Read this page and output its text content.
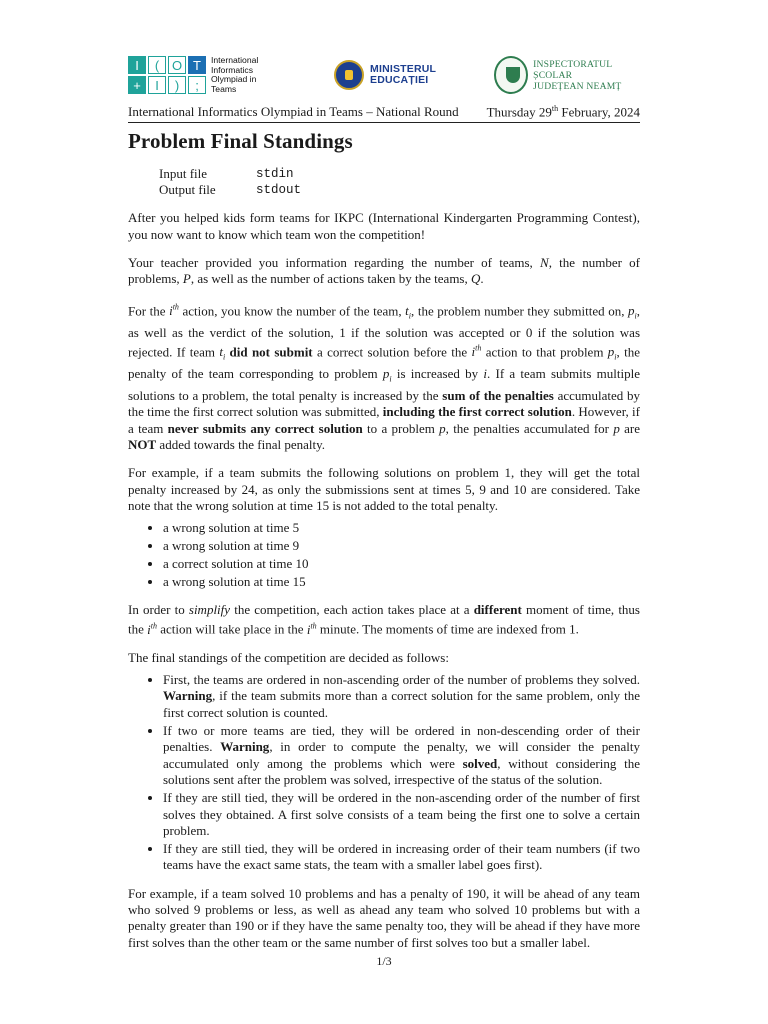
I	( O
+	I	)
T
;
International
Informatics
Olympiad in
Teams
MINISTERUL
EDUCAȚIEI
INSPECTORATUL ȘCOLAR
JUDEȚEAN NEAMȚ
International Informatics Olympiad in Teams – National Round Thursday 29th February, 2024
Problem Final Standings
Input file	stdin
Output file	stdout

After you helped kids form teams for IKPC (International Kindergarten Programming Contest), you now want to know which team won the competition!

Your teacher provided you information regarding the number of teams, N, the number of problems, P, as well as the number of actions taken by the teams, Q.

For the $i^{th}$ action, you know the number of the team, $t_i$, the problem number they submitted on, $p_i$, as well as the verdict of the solution, 1 if the solution was accepted or 0 if the solution was rejected. If team $t_i$ did not submit a correct solution before the $i^{th}$ action to that problem $p_i$, the penalty of the team corresponding to problem $p_i$ is increased by i. If a team submits multiple solutions to a problem, the total penalty is increased by the sum of the penalties accumulated by the time the first correct solution was submitted, including the first correct solution. However, if a team never submits any correct solution to a problem p, the penalties accumulated for p are NOT added towards the final penalty.

For example, if a team submits the following solutions on problem 1, they will get the total penalty increased by 24, as only the submissions sent at times 5, 9 and 10 are considered. Take note that the wrong solution at time 15 is not added to the total penalty.

• a wrong solution at time 5
• a wrong solution at time 9
• a correct solution at time 10
• a wrong solution at time 15

In order to simplify the competition, each action takes place at a different moment of time, thus the $i^{th}$ action will take place in the $i^{th}$ minute. The moments of time are indexed from 1.

The final standings of the competition are decided as follows:

• First, the teams are ordered in non-ascending order of the number of problems they solved. Warning, if the team submits more than a correct solution for the same problem, only the first correct solution is counted.
• If two or more teams are tied, they will be ordered in non-descending order of their penalties. Warning, in order to compute the penalty, we will consider the penalty accumulated only among the problems which were solved, without considering the solutions sent after the problem was solved, irrespective of the status of the solution.
• If they are still tied, they will be ordered in the non-ascending order of the number of first solves they obtained. A first solve consists of a team being the first one to solve a certain problem.
• If they are still tied, they will be ordered in increasing order of their team numbers (if two teams have the exact same stats, the team with a smaller label goes first).

For example, if a team solved 10 problems and has a penalty of 190, it will be ahead of any team who solved 9 problems or less, as well as ahead any team who solved 10 problems but with a penalty greater than 190 or if they have the same penalty too, they will be ahead if they have more first solves than the other team or the same number of first solves too but a smaller label.

1/3
